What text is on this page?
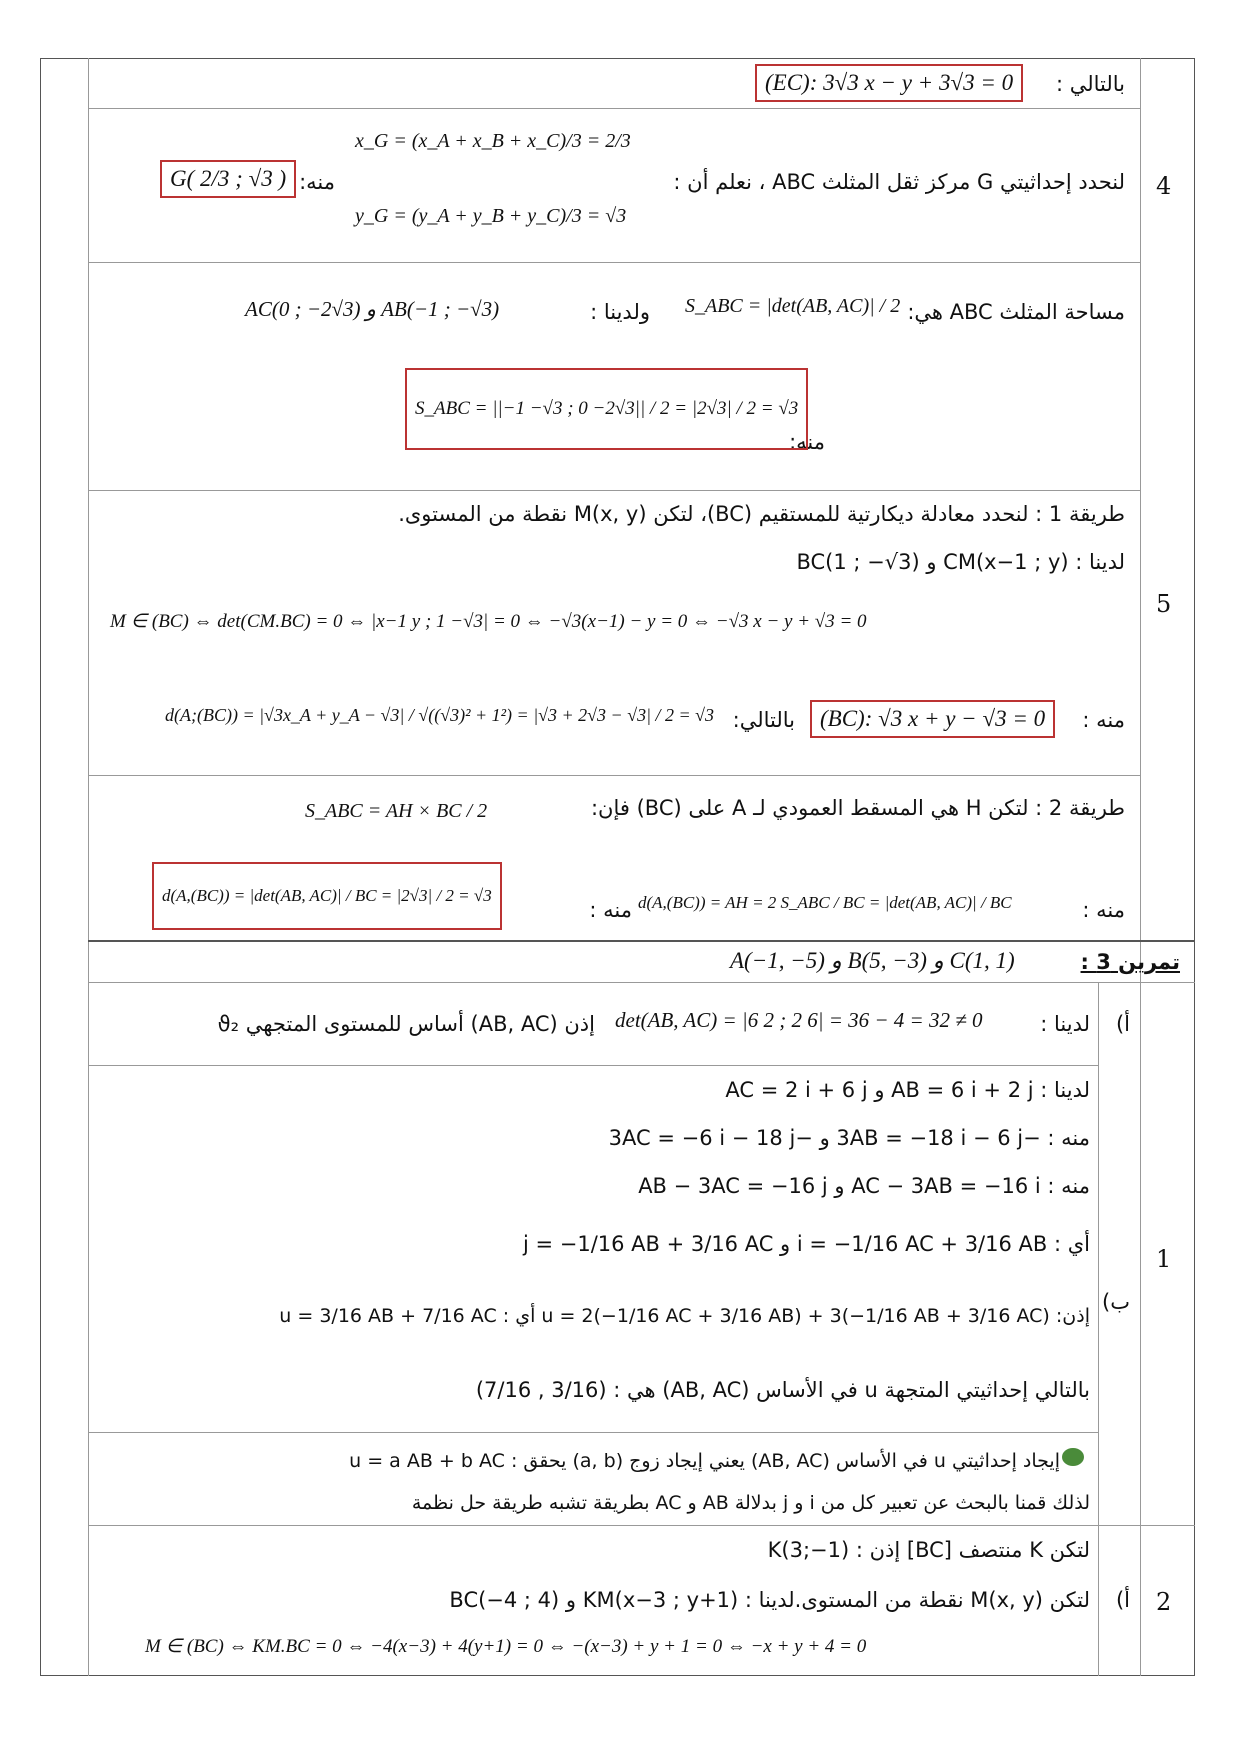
بالتالي :
(EC): 3√3 x − y + 3√3 = 0
4
لنحدد إحداثيتي G مركز ثقل المثلث ABC ، نعلم أن :
x_G = (x_A + x_B + x_C)/3 = 2/3
y_G = (y_A + y_B + y_C)/3 = √3
منه:
G( 2/3 ; √3 )
مساحة المثلث ABC هي:
S_ABC = |det(AB, AC)| / 2
ولدينا :
AC(0 ; −2√3) و AB(−1 ; −√3)
منه:
S_ABC = ||−1 −√3 ; 0 −2√3|| / 2 = |2√3| / 2 = √3
5
طريقة 1 : لنحدد معادلة ديكارتية للمستقيم (BC)، لتكن M(x, y) نقطة من المستوى.
لدينا : CM(x−1 ; y) و BC(1 ; −√3)
M ∈ (BC) ⇔ det(CM.BC) = 0 ⇔ |x−1 y ; 1 −√3| = 0 ⇔ −√3(x−1) − y = 0 ⇔ −√3 x − y + √3 = 0
منه :
(BC): √3 x + y − √3 = 0
بالتالي:
d(A;(BC)) = |√3x_A + y_A − √3| / √((√3)² + 1²) = |√3 + 2√3 − √3| / 2 = √3
طريقة 2 : لتكن H هي المسقط العمودي لـ A على (BC) فإن:
S_ABC = AH × BC / 2
منه :
d(A,(BC)) = AH = 2 S_ABC / BC = |det(AB, AC)| / BC
منه :
d(A,(BC)) = |det(AB, AC)| / BC = |2√3| / 2 = √3
تمرين 3 :
A(−1, −5) و B(5, −3) و C(1, 1)
أ)
لدينا :
det(AB, AC) = |6 2 ; 2 6| = 36 − 4 = 32 ≠ 0
إذن (AB, AC) أساس للمستوى المتجهي ϑ₂
1
ب)
لدينا : AB = 6 i + 2 j و AC = 2 i + 6 j
منه : −3AB = −18 i − 6 j و −3AC = −6 i − 18 j
منه : AC − 3AB = −16 i و AB − 3AC = −16 j
أي : i = −1/16 AC + 3/16 AB و j = −1/16 AB + 3/16 AC
إذن: u = 2(−1/16 AC + 3/16 AB) + 3(−1/16 AB + 3/16 AC) أي : u = 3/16 AB + 7/16 AC
بالتالي إحداثيتي المتجهة u في الأساس (AB, AC) هي : (3/16 , 7/16)
إيجاد إحداثيتي u في الأساس (AB, AC) يعني إيجاد زوج (a, b) يحقق : u = a AB + b AC
لذلك قمنا بالبحث عن تعبير كل من i و j بدلالة AB و AC بطريقة تشبه طريقة حل نظمة
2
أ)
لتكن K منتصف [BC] إذن : K(3;−1)
لتكن M(x, y) نقطة من المستوى.لدينا : KM(x−3 ; y+1) و BC(−4 ; 4)
M ∈ (BC) ⇔ KM.BC = 0 ⇔ −4(x−3) + 4(y+1) = 0 ⇔ −(x−3) + y + 1 = 0 ⇔ −x + y + 4 = 0
